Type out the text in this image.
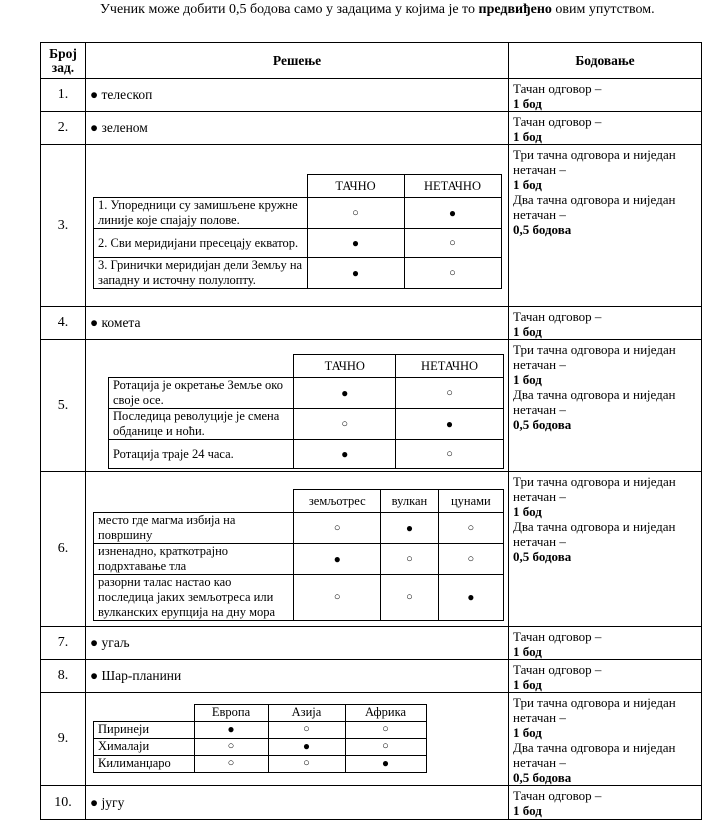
Ученик може добити 0,5 бодова само у задацима у којима је то предвиђено овим упутством.
Број зад.	Решење	Бодовање
1.	● телескоп	Тачан одговор –
1 бод

2.	● зеленом	Тачан одговор –
1 бод

3.	
	ТАЧНО	НЕТАЧНО
1. Упоредници су замишљене кружне линије које спајају полове.	○	●
2. Сви меридијани пресецају екватор.	●	○
3. Гринички меридијан дели Земљу на западну и источну полулопту.	●	○
	Три тачна одговора и ниједан нетачан –
1 бод
Два тачна одговора и ниједан нетачан –
0,5 бодова

4.	● комета	Тачан одговор –
1 бод

5.	
	ТАЧНО	НЕТАЧНО
Ротација је окретање Земље око своје осе.	●	○
Последица револуције је смена обданице и ноћи.	○	●
Ротација траје 24 часа.	●	○
	Три тачна одговора и ниједан нетачан –
1 бод
Два тачна одговора и ниједан нетачан –
0,5 бодова

6.	
	земљотрес	вулкан	цунами
место где магма избија на површину	○	●	○
изненадно, краткотрајно подрхтавање тла	●	○	○
разорни талас настао као последица јаких земљотреса или вулканских ерупција на дну мора	○	○	●
	Три тачна одговора и ниједан нетачан –
1 бод
Два тачна одговора и ниједан нетачан –
0,5 бодова

7.	● угаљ	Тачан одговор –
1 бод

8.	● Шар-планини	Тачан одговор –
1 бод

9.	
	Европа	Азија	Африка
Пиринеји	●	○	○
Хималаји	○	●	○
Килиманџаро	○	○	●
	Три тачна одговора и ниједан нетачан –
1 бод
Два тачна одговора и ниједан нетачан –
0,5 бодова

10.	● југу	Тачан одговор –
1 бод
